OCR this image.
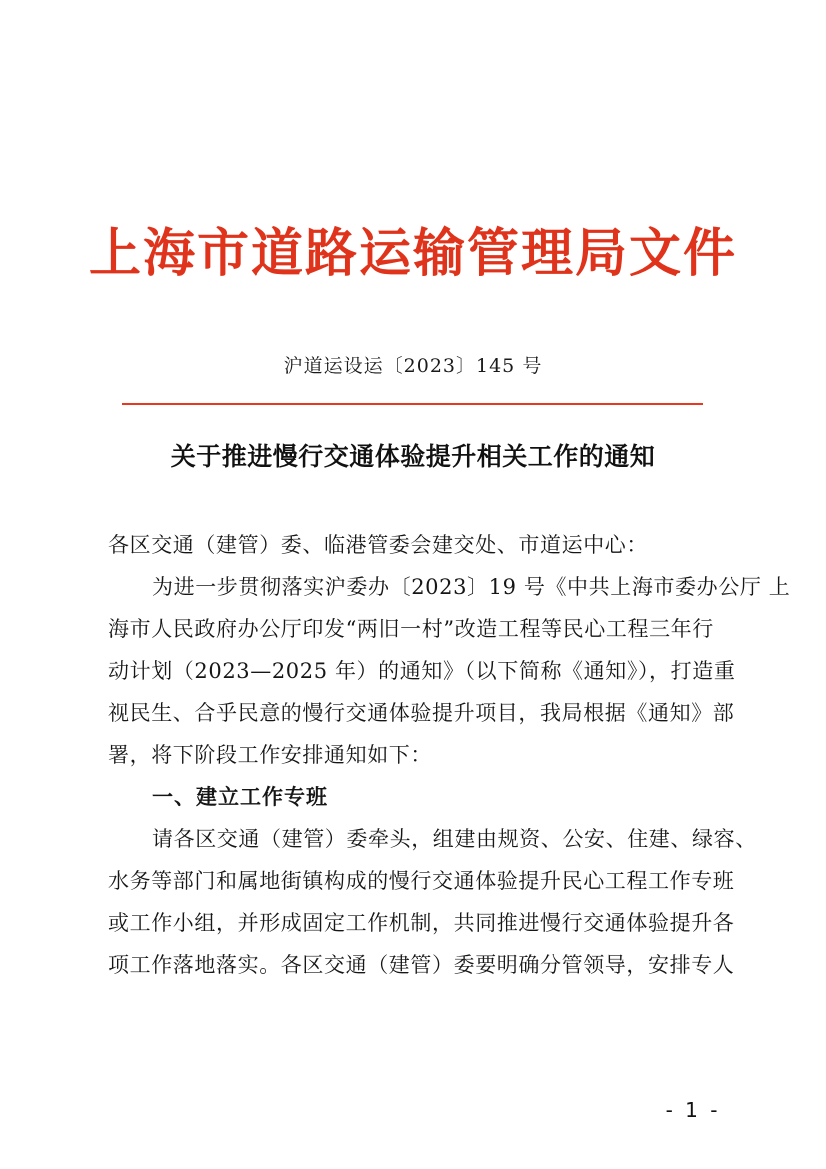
上海市道路运输管理局文件
沪道运设运〔2023〕145 号
关于推进慢行交通体验提升相关工作的通知
各区交通（建管）委、临港管委会建交处、市道运中心：
为进一步贯彻落实沪委办〔2023〕19 号《中共上海市委办公厅 上
海市人民政府办公厅印发“两旧一村”改造工程等民心工程三年行
动计划（2023—2025 年）的通知》（以下简称《通知》），打造重
视民生、合乎民意的慢行交通体验提升项目，我局根据《通知》部
署，将下阶段工作安排通知如下：
一、建立工作专班
请各区交通（建管）委牵头，组建由规资、公安、住建、绿容、
水务等部门和属地街镇构成的慢行交通体验提升民心工程工作专班
或工作小组，并形成固定工作机制，共同推进慢行交通体验提升各
项工作落地落实。各区交通（建管）委要明确分管领导，安排专人
- 1 -
